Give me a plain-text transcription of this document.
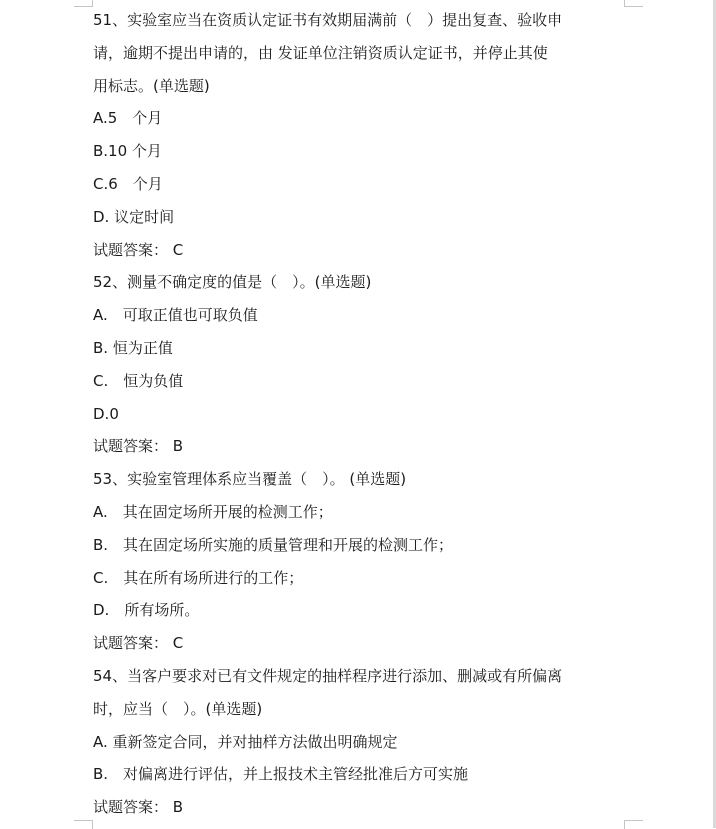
51、实验室应当在资质认定证书有效期届满前（　）提出复查、验收申
请，逾期不提出申请的，由 发证单位注销资质认定证书，并停止其使
用标志。(单选题)
A.5　个月
B.10 个月
C.6　个月
D. 议定时间
试题答案： C
52、测量不确定度的值是（　）。(单选题)
A.　可取正值也可取负值
B. 恒为正值
C.　恒为负值
D.0
试题答案： B
53、实验室管理体系应当覆盖（　）。 (单选题)
A.　其在固定场所开展的检测工作；
B.　其在固定场所实施的质量管理和开展的检测工作；
C.　其在所有场所进行的工作；
D.　所有场所。
试题答案： C
54、当客户要求对已有文件规定的抽样程序进行添加、删减或有所偏离
时，应当（　）。(单选题)
A. 重新签定合同，并对抽样方法做出明确规定
B.　对偏离进行评估，并上报技术主管经批准后方可实施
试题答案： B
